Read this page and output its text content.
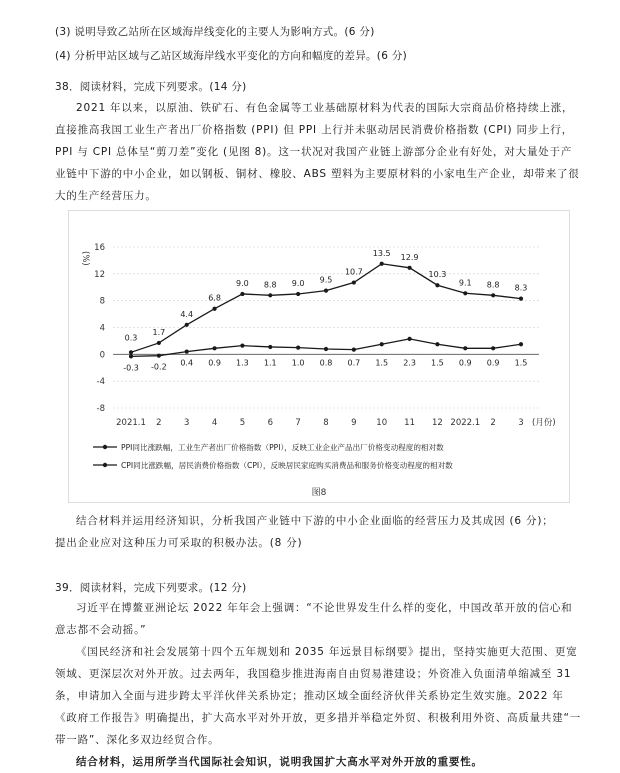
(3) 说明导致乙站所在区域海岸线变化的主要人为影响方式。(6 分)
(4) 分析甲站区域与乙站区域海岸线水平变化的方向和幅度的差异。(6 分)
38．阅读材料，完成下列要求。(14 分)

2021 年以来，以原油、铁矿石、有色金属等工业基础原材料为代表的国际大宗商品价格持续上涨，直接推高我国工业生产者出厂价格指数 (PPI) 但 PPI 上行并未驱动居民消费价格指数 (CPI) 同步上行，PPI 与 CPI 总体呈“剪刀差”变化 (见图 8)。这一状况对我国产业链上游部分企业有好处，对大量处于产业链中下游的中小企业，如以钢板、铜材、橡胶、ABS 塑料为主要原材料的小家电生产企业，却带来了很大的生产经营压力。

-8
-4
0
4
8
12
16
(%)
2021.1 2	3	4	5	6	7	8	9 10 11 12 2022.1 2	3 (月份)
0.3
1.7
4.4
6.8
9.0 8.8 9.0 9.5
10.7
13.5 12.9
10.3
9.1 8.8 8.3
-0.3 -0.2 0.4 0.9 1.3 1.1 1.0 0.8 0.7 1.5 2.3 1.5 0.9 0.9 1.5
PPI同比涨跌幅，工业生产者出厂价格指数（PPI），反映工业企业产品出厂价格变动程度的相对数
CPI同比涨跌幅，居民消费价格指数（CPI），反映居民家庭购买消费品和服务价格变动程度的相对数
图8

结合材料并运用经济知识，分析我国产业链中下游的中小企业面临的经营压力及其成因 (6 分)；

提出企业应对这种压力可采取的积极办法。(8 分)

39．阅读材料，完成下列要求。(12 分)

习近平在博鳌亚洲论坛 2022 年年会上强调：“不论世界发生什么样的变化，中国改革开放的信心和意志都不会动摇。”

《国民经济和社会发展第十四个五年规划和 2035 年远景目标纲要》提出，坚持实施更大范围、更宽领域、更深层次对外开放。过去两年，我国稳步推进海南自由贸易港建设；外资准入负面清单缩减至 31 条，申请加入全面与进步跨太平洋伙伴关系协定；推动区域全面经济伙伴关系协定生效实施。2022 年《政府工作报告》明确提出，扩大高水平对外开放，更多措并举稳定外贸、积极利用外资、高质量共建“一带一路”、深化多双边经贸合作。

结合材料，运用所学当代国际社会知识，说明我国扩大高水平对外开放的重要性。
